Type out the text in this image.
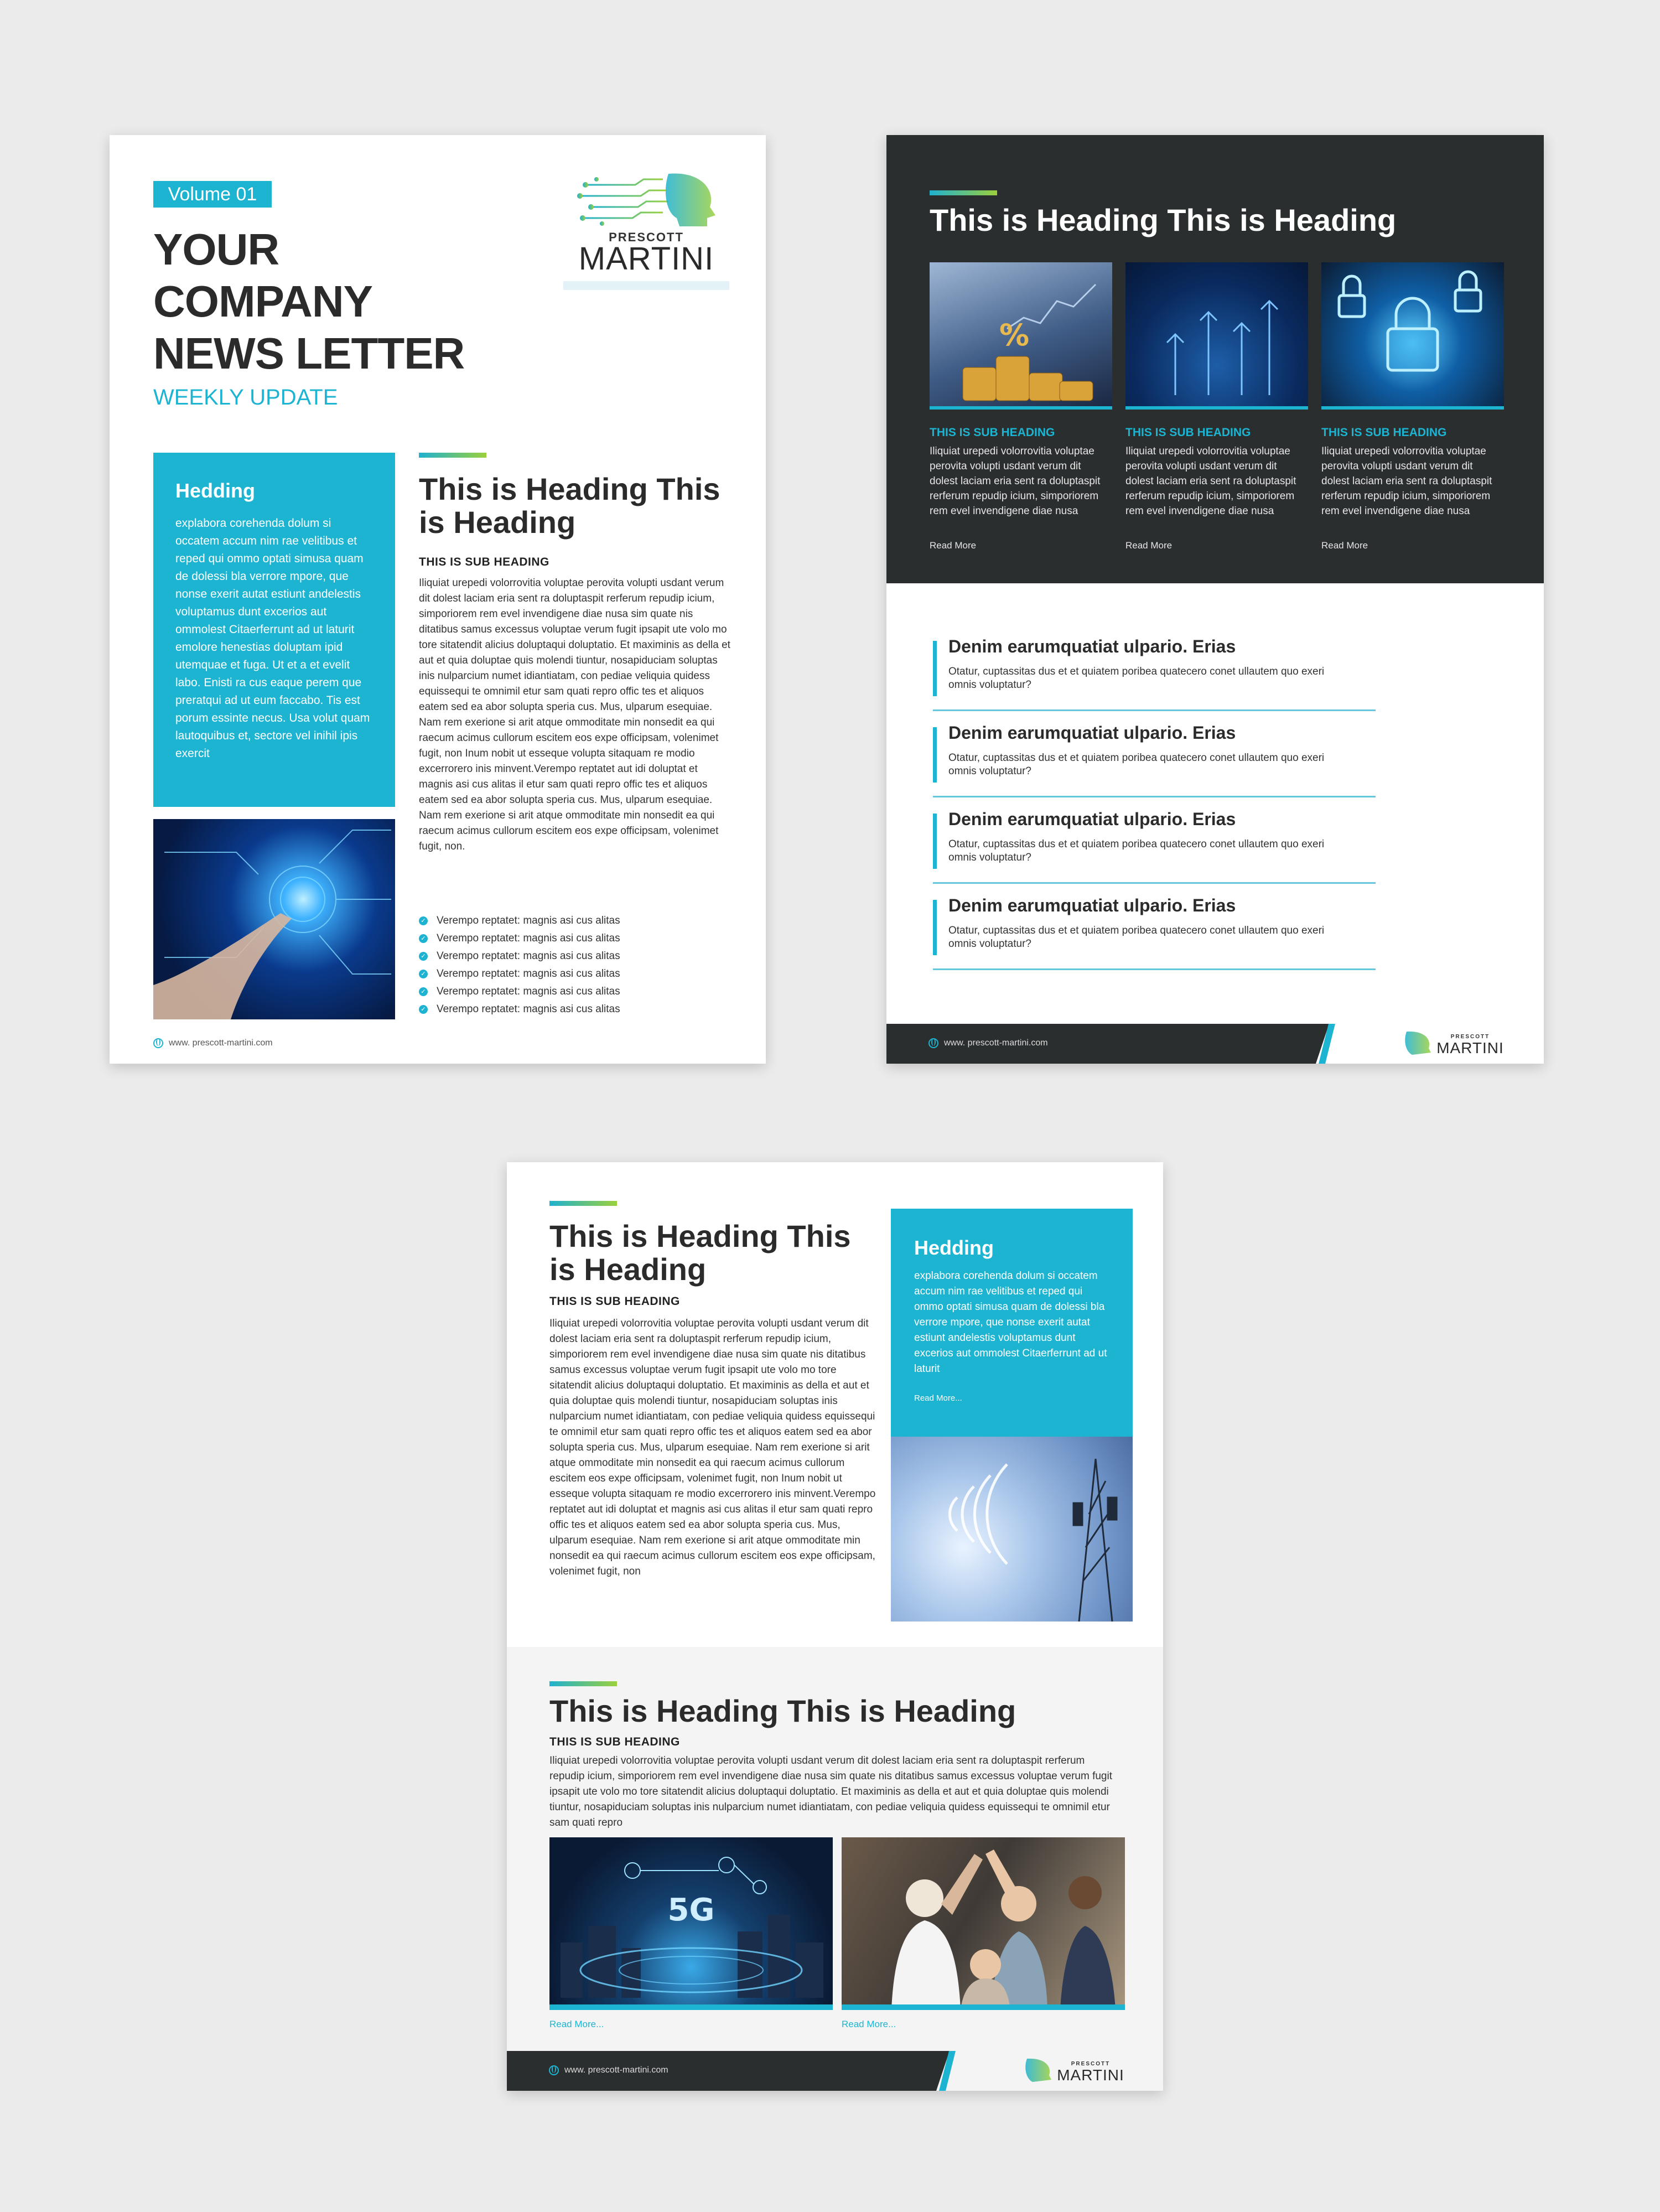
Volume 01
YOUR
COMPANY
NEWS LETTER
WEEKLY UPDATE
PRESCOTT
MARTINI
Hedding
explabora corehenda dolum si occatem accum nim rae velitibus et reped qui ommo optati simusa quam de dolessi bla verrore mpore, que nonse exerit autat estiunt andelestis voluptamus dunt excerios aut ommolest Citaerferrunt ad ut laturit emolore henestias doluptam ipid utemquae et fuga. Ut et a et evelit labo. Enisti ra cus eaque perem que preratqui ad ut eum faccabo. Tis est porum essinte necus. Usa volut quam lautoquibus et, sectore vel inihil ipis exercit
This is Heading This is Heading
THIS IS SUB HEADING
Iliquiat urepedi volorrovitia voluptae perovita volupti usdant verum dit dolest laciam eria sent ra doluptaspit rerferum repudip icium, simporiorem rem evel invendigene diae nusa sim quate nis ditatibus samus excessus voluptae verum fugit ipsapit ute volo mo tore sitatendit alicius doluptaqui doluptatio. Et maximinis as della et aut et quia doluptae quis molendi tiuntur, nosapiduciam soluptas inis nulparcium numet idiantiatam, con pediae veliquia quidess equissequi te omnimil etur sam quati repro offic tes et aliquos eatem sed ea abor solupta speria cus. Mus, ulparum esequiae. Nam rem exerione si arit atque ommoditate min nonsedit ea qui raecum acimus cullorum escitem eos expe officipsam, volenimet fugit, non Inum nobit ut esseque volupta sitaquam re modio excerrorero inis minvent.Verempo reptatet aut idi doluptat et magnis asi cus alitas il etur sam quati repro offic tes et aliquos eatem sed ea abor solupta speria cus. Mus, ulparum esequiae. Nam rem exerione si arit atque ommoditate min nonsedit ea qui raecum acimus cullorum escitem eos expe officipsam, volenimet fugit, non.
✓ Verempo reptatet: magnis asi cus alitas
✓ Verempo reptatet: magnis asi cus alitas
✓ Verempo reptatet: magnis asi cus alitas
✓ Verempo reptatet: magnis asi cus alitas
✓ Verempo reptatet: magnis asi cus alitas
✓ Verempo reptatet: magnis asi cus alitas
www. prescott-martini.com
This is Heading This is Heading
%
THIS IS SUB HEADING
Iliquiat urepedi volorrovitia voluptae perovita volupti usdant verum dit dolest laciam eria sent ra doluptaspit rerferum repudip icium, simporiorem rem evel invendigene diae nusa
Read More
THIS IS SUB HEADING
Iliquiat urepedi volorrovitia voluptae perovita volupti usdant verum dit dolest laciam eria sent ra doluptaspit rerferum repudip icium, simporiorem rem evel invendigene diae nusa
Read More
THIS IS SUB HEADING
Iliquiat urepedi volorrovitia voluptae perovita volupti usdant verum dit dolest laciam eria sent ra doluptaspit rerferum repudip icium, simporiorem rem evel invendigene diae nusa
Read More
Denim earumquatiat ulpario. Erias
Otatur, cuptassitas dus et et quiatem poribea quatecero conet ullautem quo exeri omnis voluptatur?
Denim earumquatiat ulpario. Erias
Otatur, cuptassitas dus et et quiatem poribea quatecero conet ullautem quo exeri omnis voluptatur?
Denim earumquatiat ulpario. Erias
Otatur, cuptassitas dus et et quiatem poribea quatecero conet ullautem quo exeri omnis voluptatur?
Denim earumquatiat ulpario. Erias
Otatur, cuptassitas dus et et quiatem poribea quatecero conet ullautem quo exeri omnis voluptatur?
www. prescott-martini.com
PRESCOTT
MARTINI
This is Heading This is Heading
THIS IS SUB HEADING
Iliquiat urepedi volorrovitia voluptae perovita volupti usdant verum dit dolest laciam eria sent ra doluptaspit rerferum repudip icium, simporiorem rem evel invendigene diae nusa sim quate nis ditatibus samus excessus voluptae verum fugit ipsapit ute volo mo tore sitatendit alicius doluptaqui doluptatio. Et maximinis as della et aut et quia doluptae quis molendi tiuntur, nosapiduciam soluptas inis nulparcium numet idiantiatam, con pediae veliquia quidess equissequi te omnimil etur sam quati repro offic tes et aliquos eatem sed ea abor solupta speria cus. Mus, ulparum esequiae. Nam rem exerione si arit atque ommoditate min nonsedit ea qui raecum acimus cullorum escitem eos expe officipsam, volenimet fugit, non Inum nobit ut esseque volupta sitaquam re modio excerrorero inis minvent.Verempo reptatet aut idi doluptat et magnis asi cus alitas il etur sam quati repro offic tes et aliquos eatem sed ea abor solupta speria cus. Mus, ulparum esequiae. Nam rem exerione si arit atque ommoditate min nonsedit ea qui raecum acimus cullorum escitem eos expe officipsam, volenimet fugit, non
Hedding
explabora corehenda dolum si occatem accum nim rae velitibus et reped qui ommo optati simusa quam de dolessi bla verrore mpore, que nonse exerit autat estiunt andelestis voluptamus dunt excerios aut ommolest Citaerferrunt ad ut laturit
Read More...
This is Heading This is Heading
THIS IS SUB HEADING
Iliquiat urepedi volorrovitia voluptae perovita volupti usdant verum dit dolest laciam eria sent ra doluptaspit rerferum repudip icium, simporiorem rem evel invendigene diae nusa sim quate nis ditatibus samus excessus voluptae verum fugit ipsapit ute volo mo tore sitatendit alicius doluptaqui doluptatio. Et maximinis as della et aut et quia doluptae quis molendi tiuntur, nosapiduciam soluptas inis nulparcium numet idiantiatam, con pediae veliquia quidess equissequi te omnimil etur sam quati repro
5G
Read More...	Read More...
www. prescott-martini.com
PRESCOTT
MARTINI
